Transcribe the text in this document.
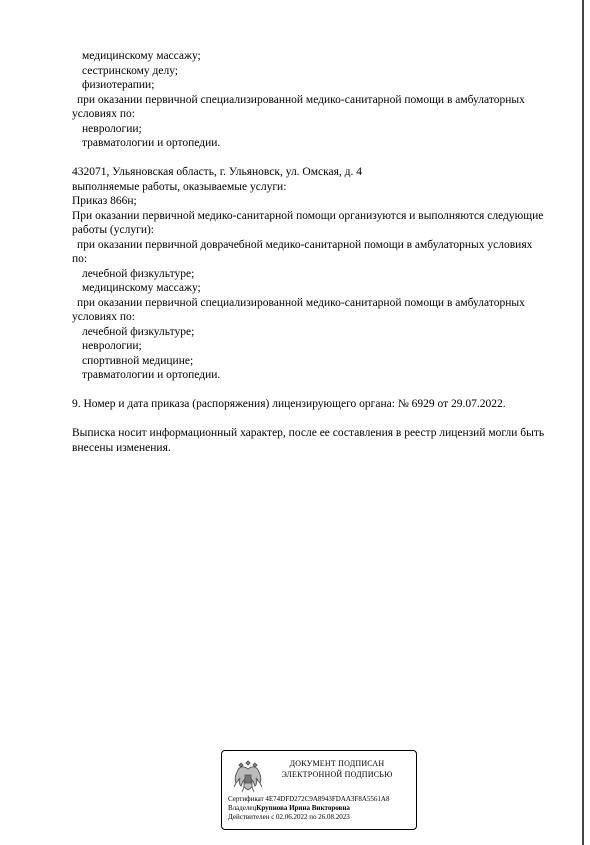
медицинскому массажу;
сестринскому делу;
физиотерапии;
при оказании первичной специализированной медико-санитарной помощи в амбулаторных
условиях по:
неврологии;
травматологии и ортопедии.
432071, Ульяновская область, г. Ульяновск, ул. Омская, д. 4
выполняемые работы, оказываемые услуги:
Приказ 866н;
При оказании первичной медико-санитарной помощи организуются и выполняются следующие
работы (услуги):
при оказании первичной доврачебной медико-санитарной помощи в амбулаторных условиях
по:
лечебной физкультуре;
медицинскому массажу;
при оказании первичной специализированной медико-санитарной помощи в амбулаторных
условиях по:
лечебной физкультуре;
неврологии;
спортивной медицине;
травматологии и ортопедии.
9. Номер и дата приказа (распоряжения) лицензирующего органа: № 6929 от 29.07.2022.
Выписка носит информационный характер, после ее составления в реестр лицензий могли быть
внесены изменения.
ДОКУМЕНТ ПОДПИСАН
ЭЛЕКТРОННОЙ ПОДПИСЬЮ
Сертификат 4E74DFD272C9A8943FDAA3F8A5561A8
ВладелецКрупнова Ирина Викторовна
Действителен с 02.06.2022 по 26.08.2023
